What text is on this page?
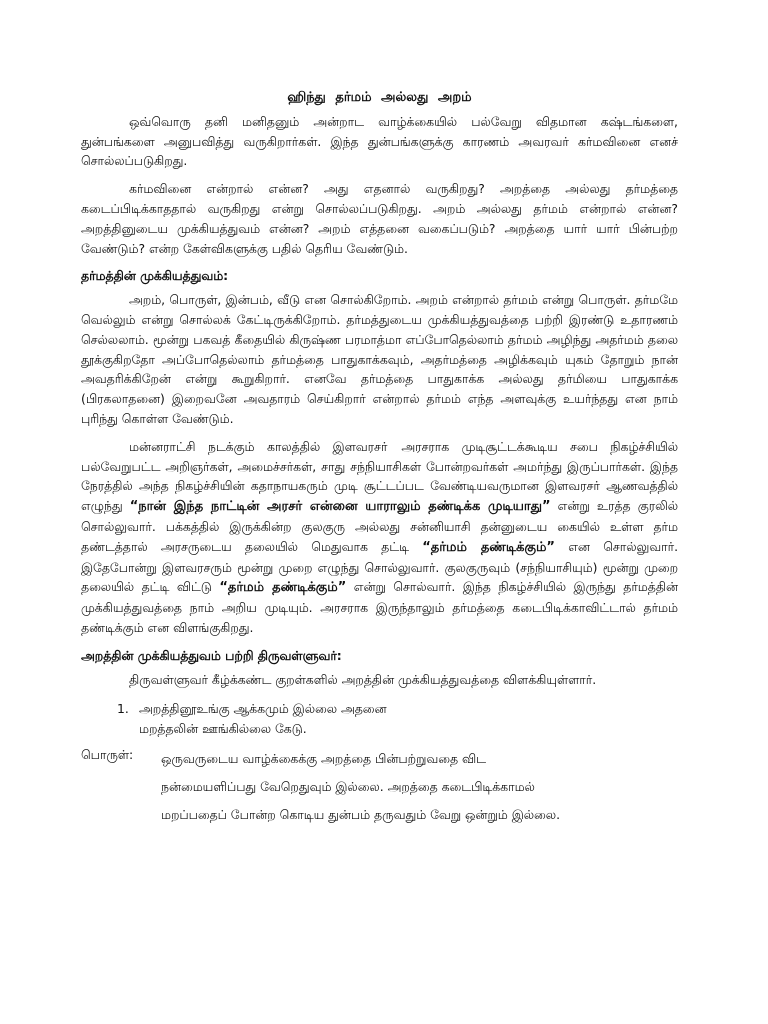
ஹிந்து தர்மம் அல்லது அறம்

ஒவ்வொரு தனி மனிதனும் அன்றாட வாழ்க்கையில் பல்வேறு விதமான கஷ்டங்களை, துன்பங்களை அனுபவித்து வருகிறார்கள். இந்த துன்பங்களுக்கு காரணம் அவரவர் கர்மவினை எனச் சொல்லப்படுகிறது.

கர்மவினை என்றால் என்ன? அது எதனால் வருகிறது? அறத்தை அல்லது தர்மத்தை கடைப்பிடிக்காததால் வருகிறது என்று சொல்லப்படுகிறது. அறம் அல்லது தர்மம் என்றால் என்ன? அறத்தினுடைய முக்கியத்துவம் என்ன? அறம் எத்தனை வகைப்படும்? அறத்தை யார் யார் பின்பற்ற வேண்டும்? என்ற கேள்விகளுக்கு பதில் தெரிய வேண்டும்.

தர்மத்தின் முக்கியத்துவம்:

அறம், பொருள், இன்பம், வீடு என சொல்கிறோம். அறம் என்றால் தர்மம் என்று பொருள். தர்மமே வெல்லும் என்று சொல்லக் கேட்டிருக்கிறோம். தர்மத்துடைய முக்கியத்துவத்தை பற்றி இரண்டு உதாரணம் செல்லலாம். மூன்று பகவத் கீதையில் கிருஷ்ண பரமாத்மா எப்போதெல்லாம் தர்மம் அழிந்து அதர்மம் தலை தூக்குகிறதோ அப்போதெல்லாம் தர்மத்தை பாதுகாக்கவும், அதர்மத்தை அழிக்கவும் யுகம் தோறும் நான் அவதரிக்கிறேன் என்று கூறுகிறார். எனவே தர்மத்தை பாதுகாக்க அல்லது தர்மியை பாதுகாக்க (பிரகலாதனை) இறைவனே அவதாரம் செய்கிறார் என்றால் தர்மம் எந்த அளவுக்கு உயர்ந்தது என நாம் புரிந்து கொள்ள வேண்டும்.

மன்னராட்சி நடக்கும் காலத்தில் இளவரசா் அரசராக முடிசூட்டக்கூடிய சபை நிகழ்ச்சியில் பல்வேறுபட்ட அறிஞர்கள், அமைச்சர்கள், சாது சந்நியாசிகள் போன்றவர்கள் அமர்ந்து இருப்பார்கள். இந்த நேரத்தில் அந்த நிகழ்ச்சியின் கதாநாயகரும் முடி சூட்டப்பட வேண்டியவருமான இளவரசர் ஆணவத்தில் எழுந்து “நான் இந்த நாட்டின் அரசர் என்னை யாராலும் தண்டிக்க முடியாது” என்று உரத்த குரலில் சொல்லுவார். பக்கத்தில் இருக்கின்ற குலகுரு அல்லது சன்னியாசி தன்னுடைய கையில் உள்ள தர்ம தண்டத்தால் அரசருடைய தலையில் மெதுவாக தட்டி “தர்மம் தண்டிக்கும்” என சொல்லுவார். இதேபோன்று இளவரசரும் மூன்று முறை எழுந்து சொல்லுவார். குலகுருவும் (சந்நியாசியும்) மூன்று முறை தலையில் தட்டி விட்டு “தர்மம் தண்டிக்கும்” என்று சொல்வார். இந்த நிகழ்ச்சியில் இருந்து தர்மத்தின் முக்கியத்துவத்தை நாம் அறிய முடியும். அரசராக இருந்தாலும் தர்மத்தை கடைபிடிக்காவிட்டால் தர்மம் தண்டிக்கும் என விளங்குகிறது.

அறத்தின் முக்கியத்துவம் பற்றி திருவள்ளுவர்:

திருவள்ளுவர் கீழ்க்கண்ட குறள்களில் அறத்தின் முக்கியத்துவத்தை விளக்கியுள்ளார்.

1. அறத்தினூஉங்கு ஆக்கமும் இல்லை அதனை
மறத்தலின் ஊங்கில்லை கேடு.
பொருள்:	ஒருவருடைய வாழ்க்கைக்கு அறத்தை பின்பற்றுவதை விட
நன்மையளிப்பது வேறெதுவும் இல்லை. அறத்தை கடைபிடிக்காமல்
மறப்பதைப் போன்ற கொடிய துன்பம் தருவதும் வேறு ஒன்றும் இல்லை.
